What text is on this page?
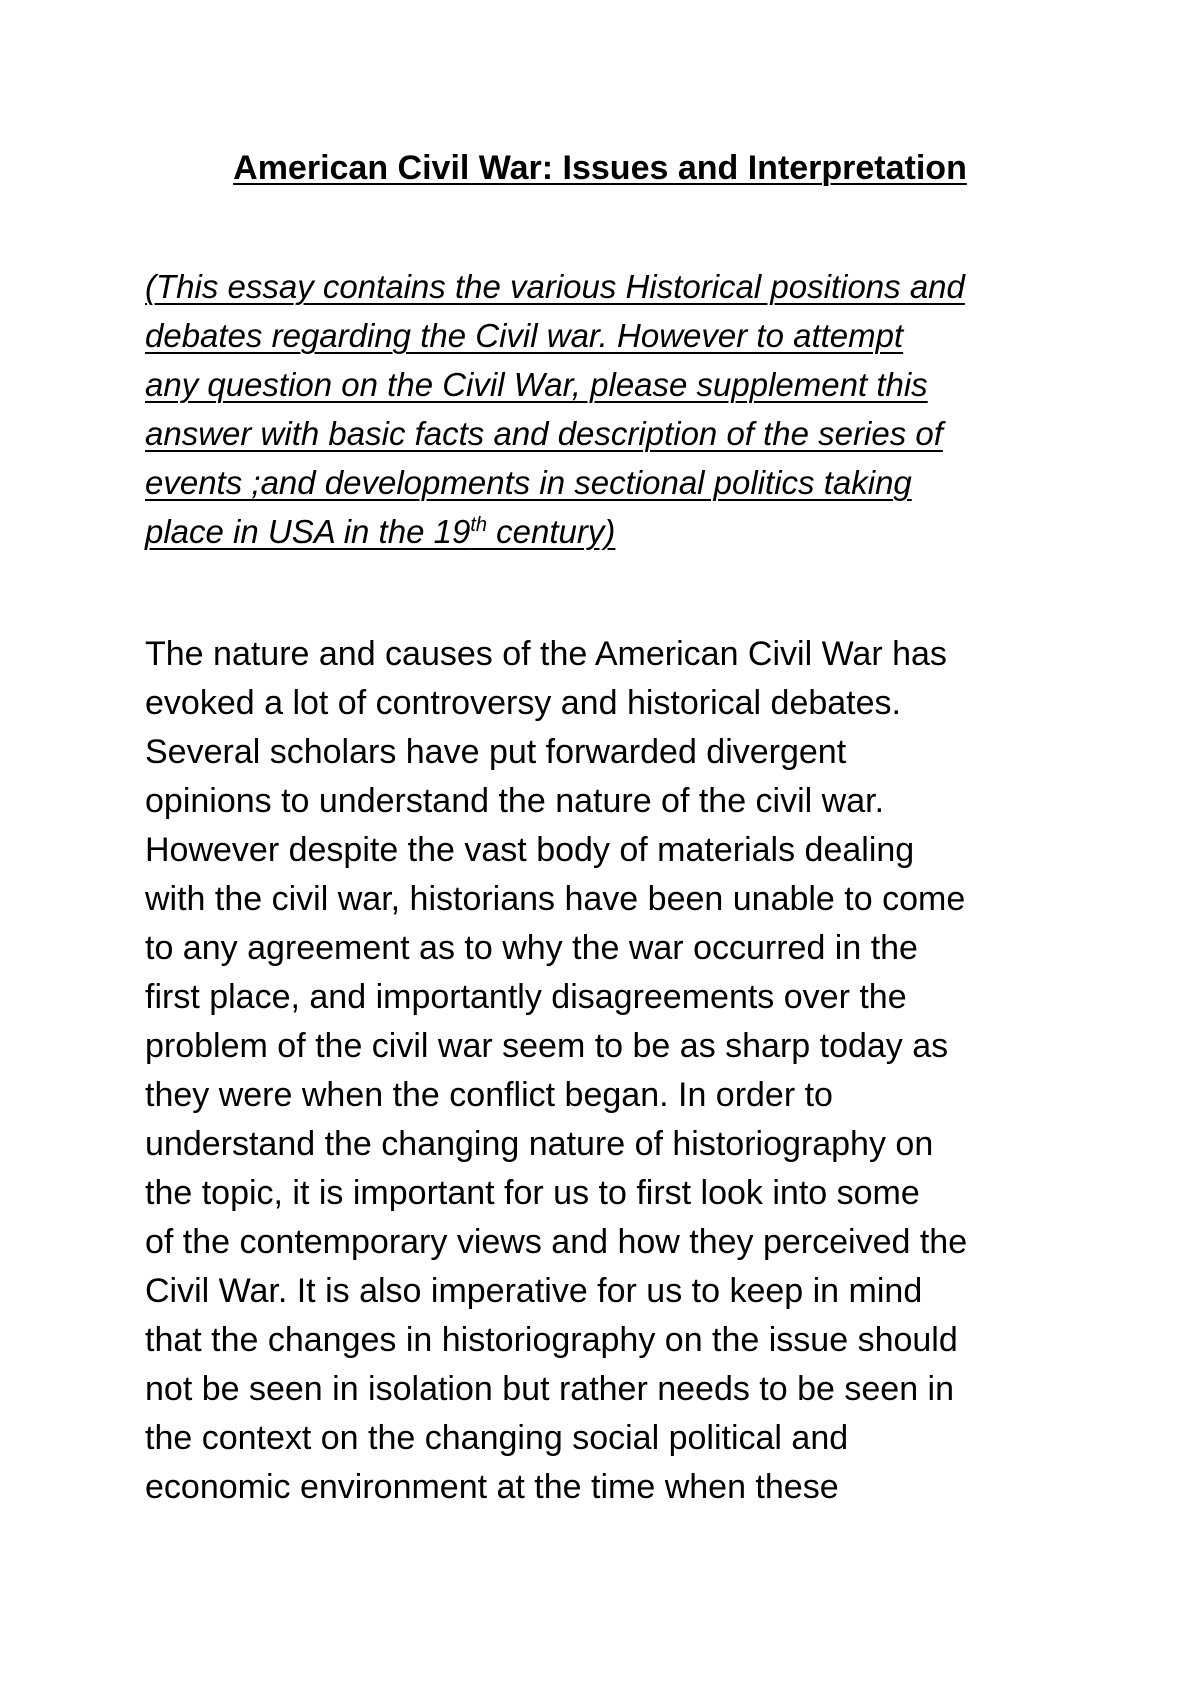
American Civil War: Issues and Interpretation
(This essay contains the various Historical positions and
debates regarding the Civil war. However to attempt
any question on the Civil War, please supplement this
answer with basic facts and description of the series of
events ;and developments in sectional politics taking
place in USA in the 19th century)
The nature and causes of the American Civil War has
evoked a lot of controversy and historical debates.
Several scholars have put forwarded divergent
opinions to understand the nature of the civil war.
However despite the vast body of materials dealing
with the civil war, historians have been unable to come
to any agreement as to why the war occurred in the
first place, and importantly disagreements over the
problem of the civil war seem to be as sharp today as
they were when the conflict began. In order to
understand the changing nature of historiography on
the topic, it is important for us to first look into some
of the contemporary views and how they perceived the
Civil War. It is also imperative for us to keep in mind
that the changes in historiography on the issue should
not be seen in isolation but rather needs to be seen in
the context on the changing social political and
economic environment at the time when these
